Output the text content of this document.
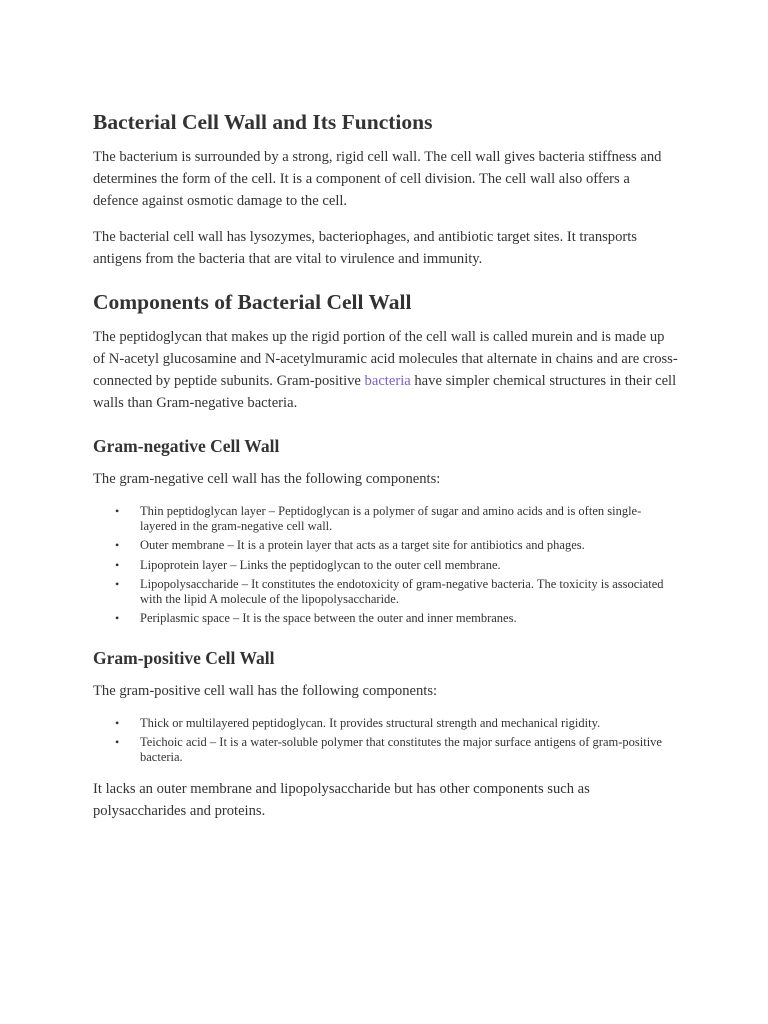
Bacterial Cell Wall and Its Functions

The bacterium is surrounded by a strong, rigid cell wall. The cell wall gives bacteria stiffness and determines the form of the cell. It is a component of cell division. The cell wall also offers a defence against osmotic damage to the cell.

The bacterial cell wall has lysozymes, bacteriophages, and antibiotic target sites. It transports antigens from the bacteria that are vital to virulence and immunity.

Components of Bacterial Cell Wall

The peptidoglycan that makes up the rigid portion of the cell wall is called murein and is made up of N-acetyl glucosamine and N-acetylmuramic acid molecules that alternate in chains and are cross-connected by peptide subunits. Gram-positive bacteria have simpler chemical structures in their cell walls than Gram-negative bacteria.

Gram-negative Cell Wall

The gram-negative cell wall has the following components:

• Thin peptidoglycan layer – Peptidoglycan is a polymer of sugar and amino acids and is often single-layered in the gram-negative cell wall.
• Outer membrane – It is a protein layer that acts as a target site for antibiotics and phages.
• Lipoprotein layer – Links the peptidoglycan to the outer cell membrane.
• Lipopolysaccharide – It constitutes the endotoxicity of gram-negative bacteria. The toxicity is associated with the lipid A molecule of the lipopolysaccharide.
• Periplasmic space – It is the space between the outer and inner membranes.
Gram-positive Cell Wall

The gram-positive cell wall has the following components:

• Thick or multilayered peptidoglycan. It provides structural strength and mechanical rigidity.
• Teichoic acid – It is a water-soluble polymer that constitutes the major surface antigens of gram-positive bacteria.

It lacks an outer membrane and lipopolysaccharide but has other components such as polysaccharides and proteins.
